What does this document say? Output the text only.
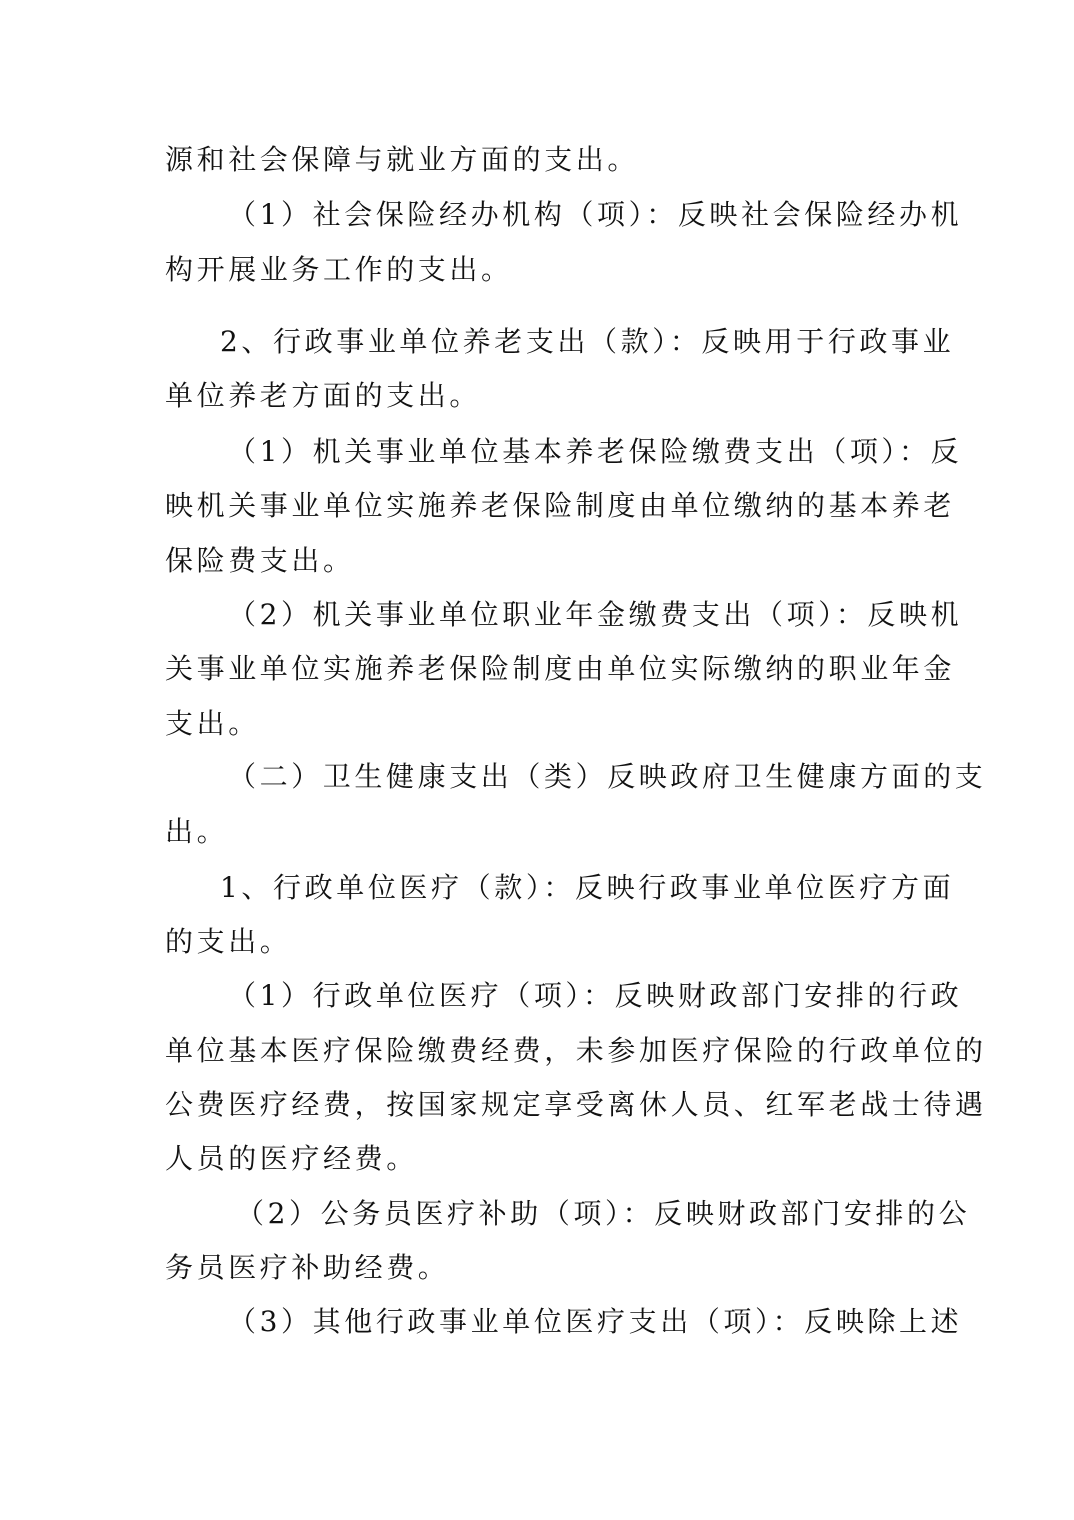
源和社会保障与就业方面的支出。
（1）社会保险经办机构（项）：反映社会保险经办机
构开展业务工作的支出。
2、行政事业单位养老支出（款）：反映用于行政事业
单位养老方面的支出。
（1）机关事业单位基本养老保险缴费支出（项）：反
映机关事业单位实施养老保险制度由单位缴纳的基本养老
保险费支出。
（2）机关事业单位职业年金缴费支出（项）：反映机
关事业单位实施养老保险制度由单位实际缴纳的职业年金
支出。
（二）卫生健康支出（类）反映政府卫生健康方面的支
出。
1、行政单位医疗（款）：反映行政事业单位医疗方面
的支出。
（1）行政单位医疗（项）：反映财政部门安排的行政
单位基本医疗保险缴费经费，未参加医疗保险的行政单位的
公费医疗经费，按国家规定享受离休人员、红军老战士待遇
人员的医疗经费。
（2）公务员医疗补助（项）：反映财政部门安排的公
务员医疗补助经费。
（3）其他行政事业单位医疗支出（项）：反映除上述
